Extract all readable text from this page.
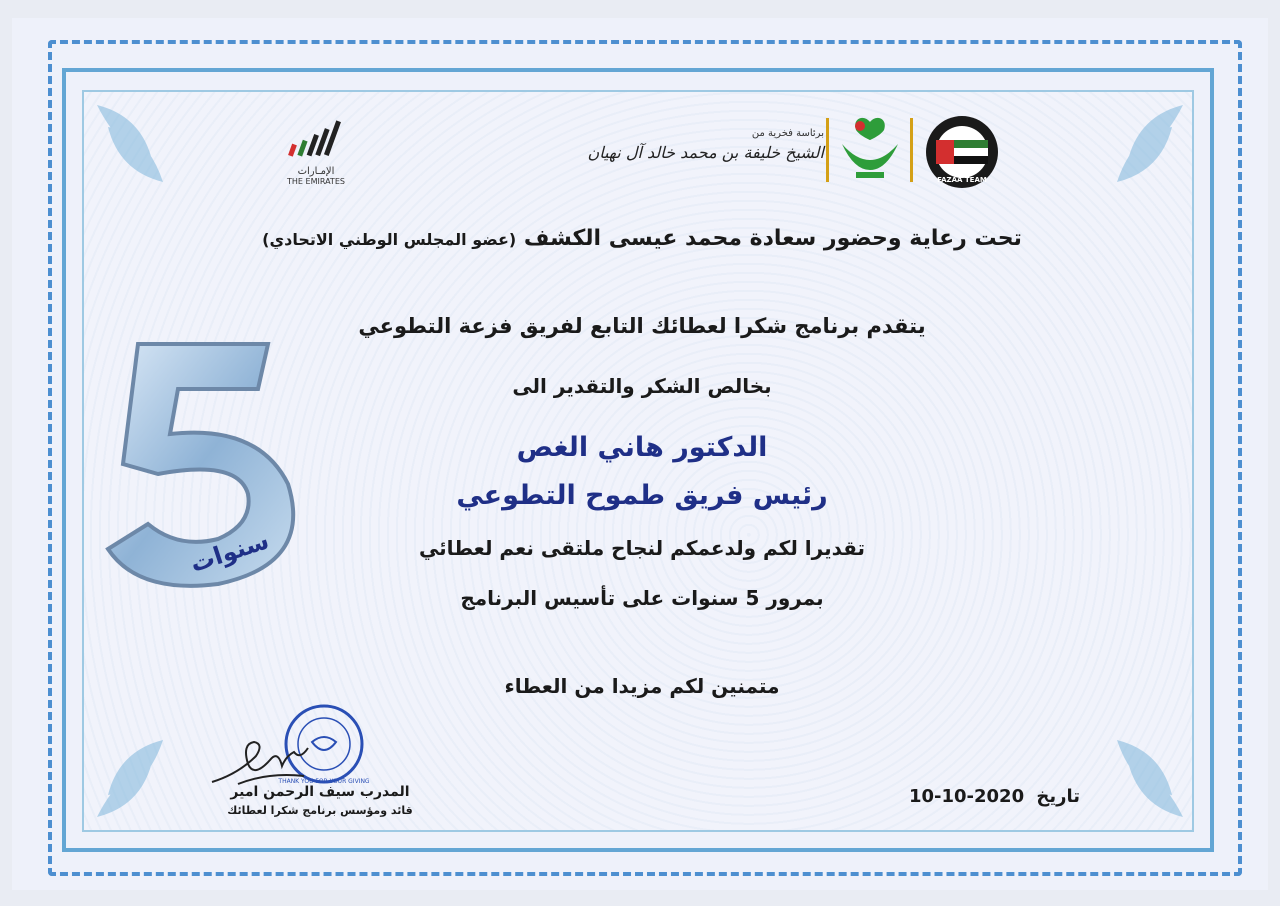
الإمـارات
THE EMIRATES
برئاسة فخرية من
الشيخ خليفة بن محمد خالد آل نهيان
FAZAA TEAM
سنوات
تحت رعاية وحضور سعادة محمد عيسى الكشف (عضو المجلس الوطني الاتحادي)
يتقدم برنامج شكرا لعطائك التابع لفريق فزعة التطوعي
بخالص الشكر والتقدير الى
الدكتور هاني الغص
رئيس فريق طموح التطوعي
تقديرا لكم ولدعمكم لنجاح ملتقى نعم لعطائي
بمرور 5 سنوات على تأسيس البرنامج
متمنين لكم مزيدا من العطاء
THANK YOU FOR YOUR GIVING
المدرب سيف الرحمن امير
قائد ومؤسس برنامج شكرا لعطائك
تاريخ 10-10-2020
